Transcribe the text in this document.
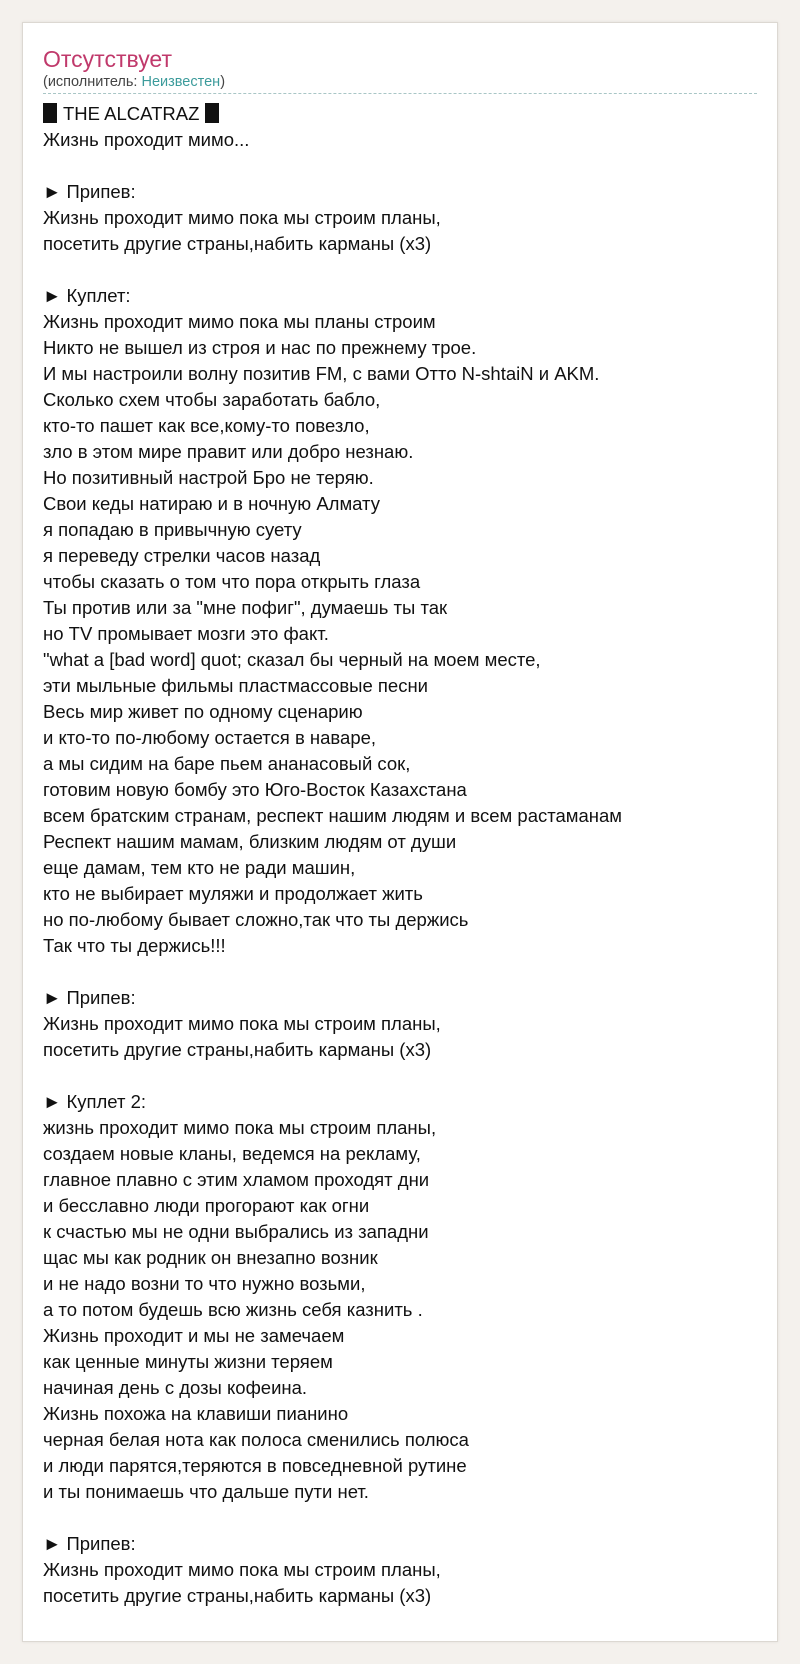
Отсутствует
(исполнитель: Неизвестен)
THE ALCATRAZ
Жизнь проходит мимо...
► Припев:
Жизнь проходит мимо пока мы строим планы,
посетить другие страны,набить карманы (x3)
► Куплет:
Жизнь проходит мимо пока мы планы строим
Никто не вышел из строя и нас по прежнему трое.
И мы настроили волну позитив FM, с вами Отто N-shtaiN и AKM.
Сколько схем чтобы заработать бабло,
кто-то пашет как все,кому-то повезло,
зло в этом мире правит или добро незнаю.
Но позитивный настрой Бро не теряю.
Свои кеды натираю и в ночную Алмату
я попадаю в привычную суету
я переведу стрелки часов назад
чтобы сказать о том что пора открыть глаза
Ты против или за "мне пофиг", думаешь ты так
но TV промывает мозги это факт.
"what a [bad word] quot; сказал бы черный на моем месте,
эти мыльные фильмы пластмассовые песни
Весь мир живет по одному сценарию
и кто-то по-любому остается в наваре,
а мы сидим на баре пьем ананасовый сок,
готовим новую бомбу это Юго-Восток Казахстана
всем братским странам, респект нашим людям и всем растаманам
Респект нашим мамам, близким людям от души
еще дамам, тем кто не ради машин,
кто не выбирает муляжи и продолжает жить
но по-любому бывает сложно,так что ты держись
Так что ты держись!!!
► Припев:
Жизнь проходит мимо пока мы строим планы,
посетить другие страны,набить карманы (x3)
► Куплет 2:
жизнь проходит мимо пока мы строим планы,
создаем новые кланы, ведемся на рекламу,
главное плавно с этим хламом проходят дни
и бесславно люди прогорают как огни
к счастью мы не одни выбрались из западни
щас мы как родник он внезапно возник
и не надо возни то что нужно возьми,
а то потом будешь всю жизнь себя казнить .
Жизнь проходит и мы не замечаем
как ценные минуты жизни теряем
начиная день с дозы кофеина.
Жизнь похожа на клавиши пианино
черная белая нота как полоса сменились полюса
и люди парятся,теряются в повседневной рутине
и ты понимаешь что дальше пути нет.
► Припев:
Жизнь проходит мимо пока мы строим планы,
посетить другие страны,набить карманы (x3)
